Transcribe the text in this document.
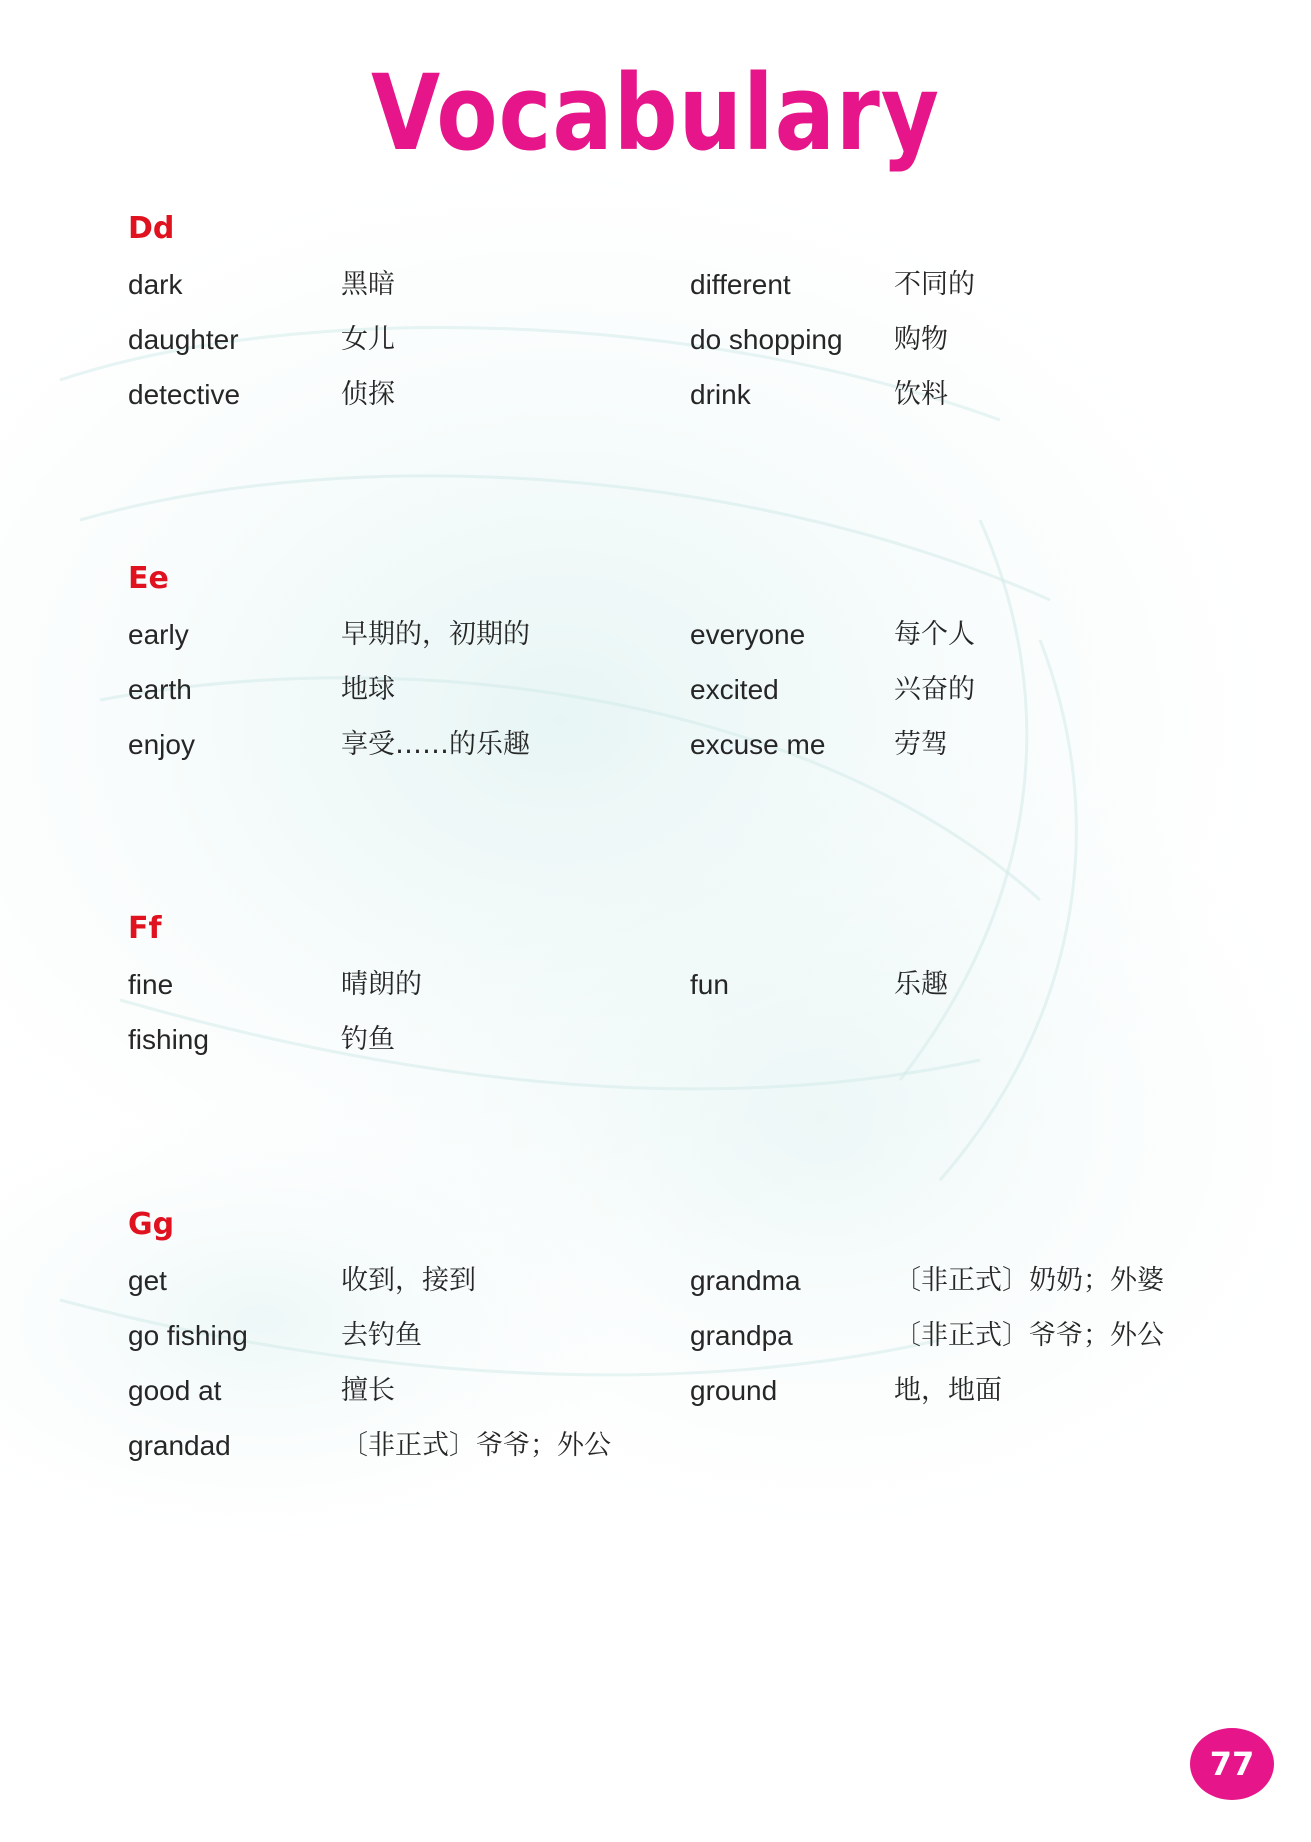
Vocabulary
Dd
dark	黑暗
daughter	女儿
detective	侦探
different	不同的
do shopping 购物
drink	饮料
Ee
early	早期的，初期的
earth	地球
enjoy	享受……的乐趣
everyone	每个人
excited	兴奋的
excuse me	劳驾
Ff
fine	晴朗的
fishing	钓鱼
fun	乐趣
Gg
get	收到，接到
go fishing	去钓鱼
good at	擅长
grandad	〔非正式〕爷爷；外公
grandma	〔非正式〕奶奶；外婆
grandpa	〔非正式〕爷爷；外公
ground	地，地面
77
